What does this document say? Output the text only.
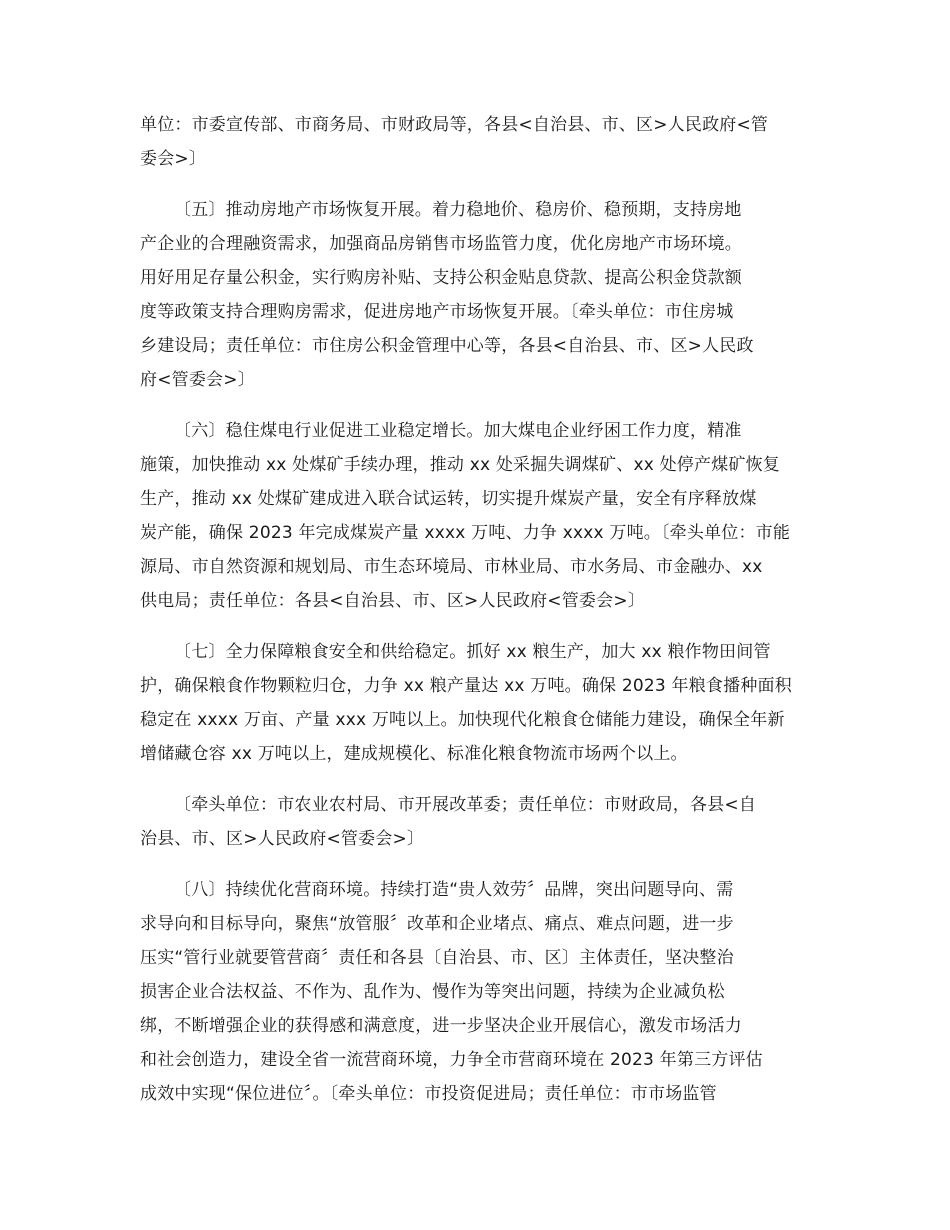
单位：市委宣传部、市商务局、市财政局等，各县<自治县、市、区>人民政府<管
委会>〕
〔五〕推动房地产市场恢复开展。着力稳地价、稳房价、稳预期，支持房地
产企业的合理融资需求，加强商品房销售市场监管力度，优化房地产市场环境。
用好用足存量公积金，实行购房补贴、支持公积金贴息贷款、提高公积金贷款额
度等政策支持合理购房需求，促进房地产市场恢复开展。〔牵头单位：市住房城
乡建设局；责任单位：市住房公积金管理中心等，各县<自治县、市、区>人民政
府<管委会>〕
〔六〕稳住煤电行业促进工业稳定增长。加大煤电企业纾困工作力度，精准
施策，加快推动 xx 处煤矿手续办理，推动 xx 处采掘失调煤矿、xx 处停产煤矿恢复
生产，推动 xx 处煤矿建成进入联合试运转，切实提升煤炭产量，安全有序释放煤
炭产能，确保 2023 年完成煤炭产量 xxxx 万吨、力争 xxxx 万吨。〔牵头单位：市能
源局、市自然资源和规划局、市生态环境局、市林业局、市水务局、市金融办、xx
供电局；责任单位：各县<自治县、市、区>人民政府<管委会>〕
〔七〕全力保障粮食安全和供给稳定。抓好 xx 粮生产，加大 xx 粮作物田间管
护，确保粮食作物颗粒归仓，力争 xx 粮产量达 xx 万吨。确保 2023 年粮食播种面积
稳定在 xxxx 万亩、产量 xxx 万吨以上。加快现代化粮食仓储能力建设，确保全年新
增储藏仓容 xx 万吨以上，建成规模化、标准化粮食物流市场两个以上。
〔牵头单位：市农业农村局、市开展改革委；责任单位：市财政局，各县<自
治县、市、区>人民政府<管委会>〕
〔八〕持续优化营商环境。持续打造“贵人效劳〞品牌，突出问题导向、需
求导向和目标导向，聚焦“放管服〞改革和企业堵点、痛点、难点问题，进一步
压实“管行业就要管营商〞责任和各县〔自治县、市、区〕主体责任，坚决整治
损害企业合法权益、不作为、乱作为、慢作为等突出问题，持续为企业减负松
绑，不断增强企业的获得感和满意度，进一步坚决企业开展信心，激发市场活力
和社会创造力，建设全省一流营商环境，力争全市营商环境在 2023 年第三方评估
成效中实现“保位进位〞。〔牵头单位：市投资促进局；责任单位：市市场监管
